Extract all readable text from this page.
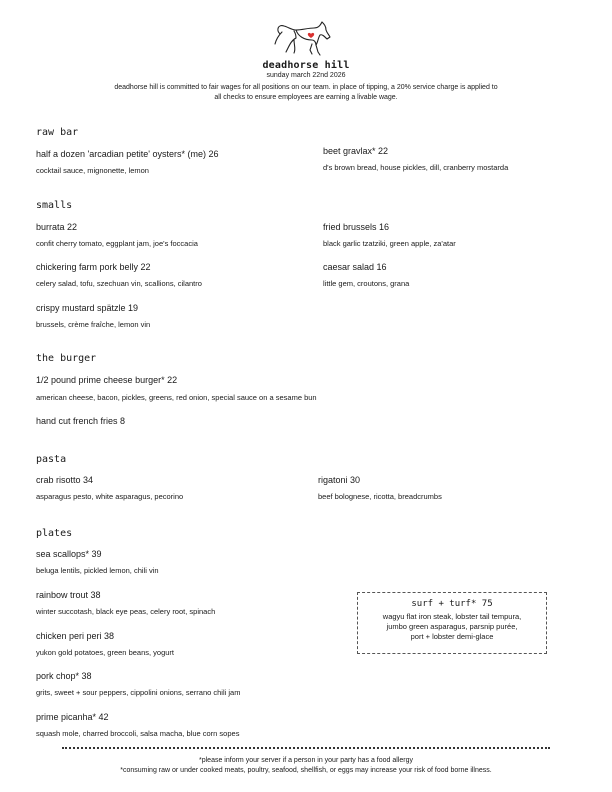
deadhorse hill
sunday march 22nd 2026
deadhorse hill is committed to fair wages for all positions on our team. in place of tipping, a 20% service charge is applied to
all checks to ensure employees are earning a livable wage.
raw bar
half a dozen 'arcadian petite' oysters* (me) 26
cocktail sauce, mignonette, lemon
beet gravlax* 22
d's brown bread, house pickles, dill, cranberry mostarda
smalls
burrata 22
confit cherry tomato, eggplant jam, joe's foccacia
fried brussels 16
black garlic tzatziki, green apple, za'atar
chickering farm pork belly 22
celery salad, tofu, szechuan vin, scallions, cilantro
caesar salad 16
little gem, croutons, grana
crispy mustard spätzle 19
brussels, crème fraîche, lemon vin
the burger
1/2 pound prime cheese burger* 22
american cheese, bacon, pickles, greens, red onion, special sauce on a sesame bun
hand cut french fries 8
pasta
crab risotto 34
asparagus pesto, white asparagus, pecorino
rigatoni 30
beef bolognese, ricotta, breadcrumbs
plates
sea scallops* 39
beluga lentils, pickled lemon, chili vin
rainbow trout 38
winter succotash, black eye peas, celery root, spinach
chicken peri peri 38
yukon gold potatoes, green beans, yogurt
pork chop* 38
grits, sweet + sour peppers, cippolini onions, serrano chili jam
prime picanha* 42
squash mole, charred broccoli, salsa macha, blue corn sopes
surf + turf* 75
wagyu flat iron steak, lobster tail tempura,
jumbo green asparagus, parsnip purée,
port + lobster demi-glace
*please inform your server if a person in your party has a food allergy
*consuming raw or under cooked meats, poultry, seafood, shellfish, or eggs may increase your risk of food borne illness.
